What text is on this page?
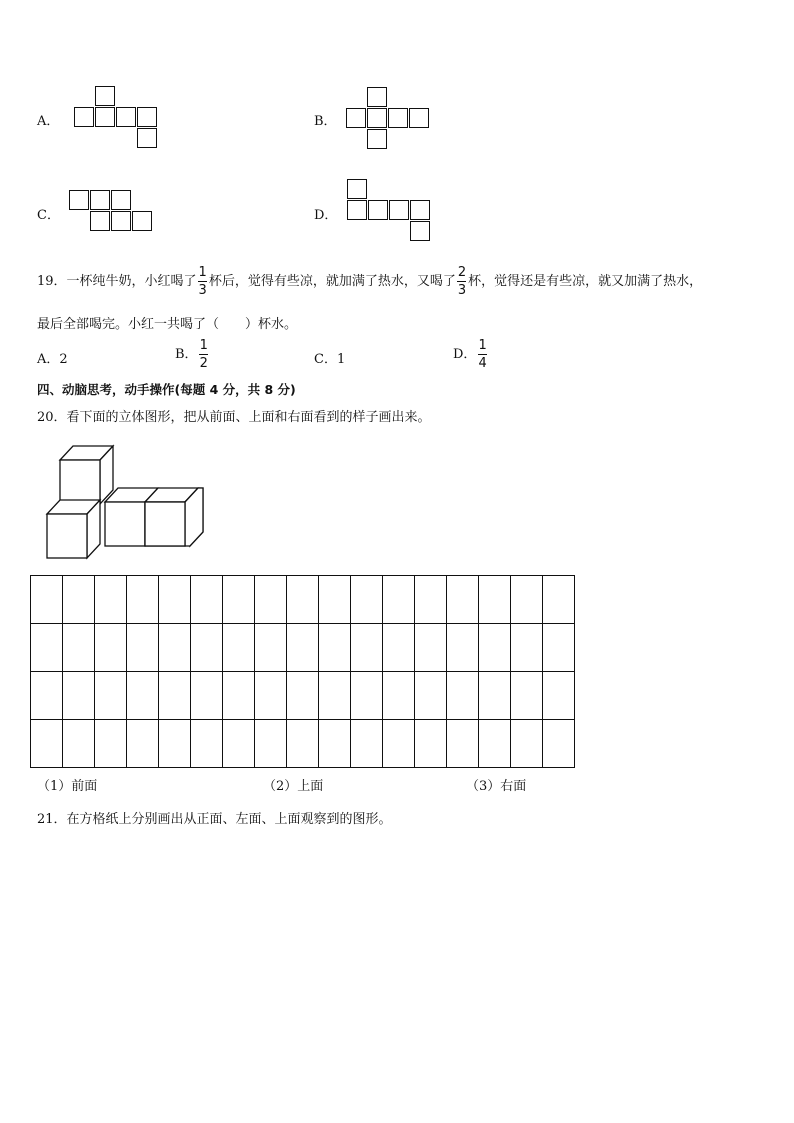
A．	B．
C．	D．
19．一杯纯牛奶，小红喝了 $\frac{1}{3}$ 杯后，觉得有些凉，就加满了热水，又喝了 $\frac{2}{3}$ 杯，觉得还是有些凉，就又加满了热水，
最后全部喝完。小红一共喝了（　　）杯水。
A．2	B． $\frac{1}{2}$	C．1	D． $\frac{1}{4}$
四、动脑思考，动手操作(每题 4 分，共 8 分)
20．看下面的立体图形，把从前面、上面和右面看到的样子画出来。

（1）前面	（2）上面	（3）右面
21．在方格纸上分别画出从正面、左面、上面观察到的图形。
